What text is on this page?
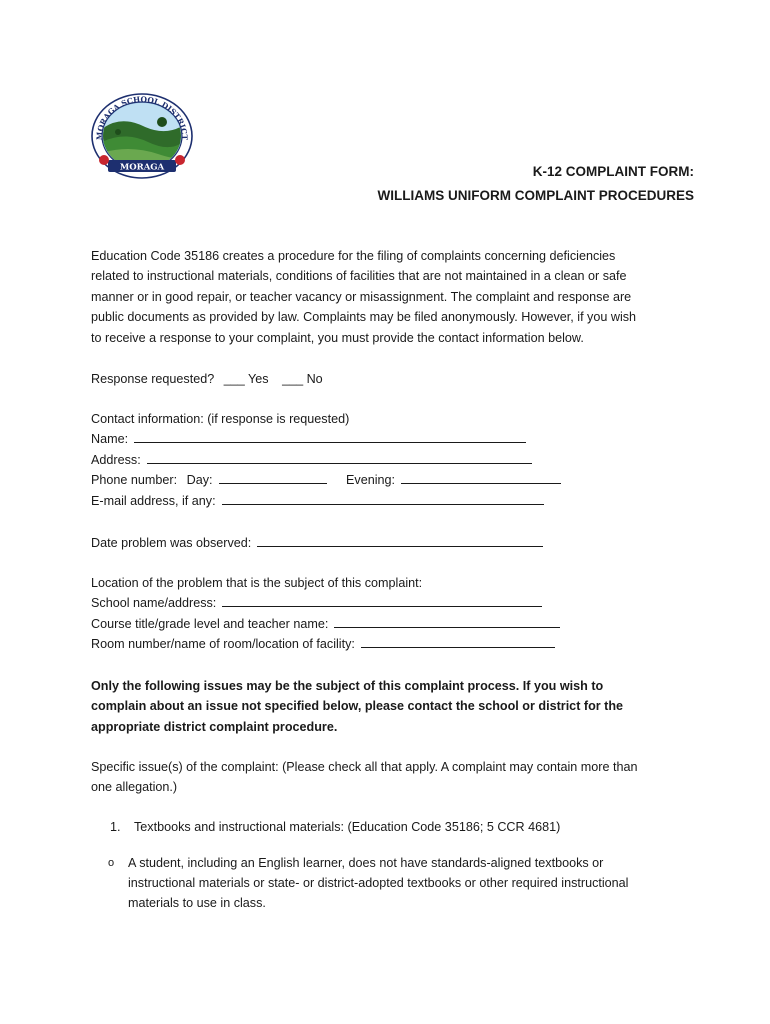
MORAGA SCHOOL DISTRICT
MORAGA	K-12 COMPLAINT FORM:
WILLIAMS UNIFORM COMPLAINT PROCEDURES

Education Code 35186 creates a procedure for the filing of complaints concerning deficiencies

related to instructional materials, conditions of facilities that are not maintained in a clean or safe

manner or in good repair, or teacher vacancy or misassignment. The complaint and response are

public documents as provided by law. Complaints may be filed anonymously. However, if you wish

to receive a response to your complaint, you must provide the contact information below.

Response requested? ___ Yes ___ No

Contact information: (if response is requested)

Name:

Address:

Phone number: Day:	Evening:

E-mail address, if any:

Date problem was observed:

Location of the problem that is the subject of this complaint:

School name/address:

Course title/grade level and teacher name:

Room number/name of room/location of facility:

Only the following issues may be the subject of this complaint process. If you wish to

complain about an issue not specified below, please contact the school or district for the

appropriate district complaint procedure.

Specific issue(s) of the complaint: (Please check all that apply. A complaint may contain more than

one allegation.)

1. Textbooks and instructional materials: (Education Code 35186; 5 CCR 4681)
o A student, including an English learner, does not have standards-aligned textbooks or
instructional materials or state- or district-adopted textbooks or other required instructional
materials to use in class.
